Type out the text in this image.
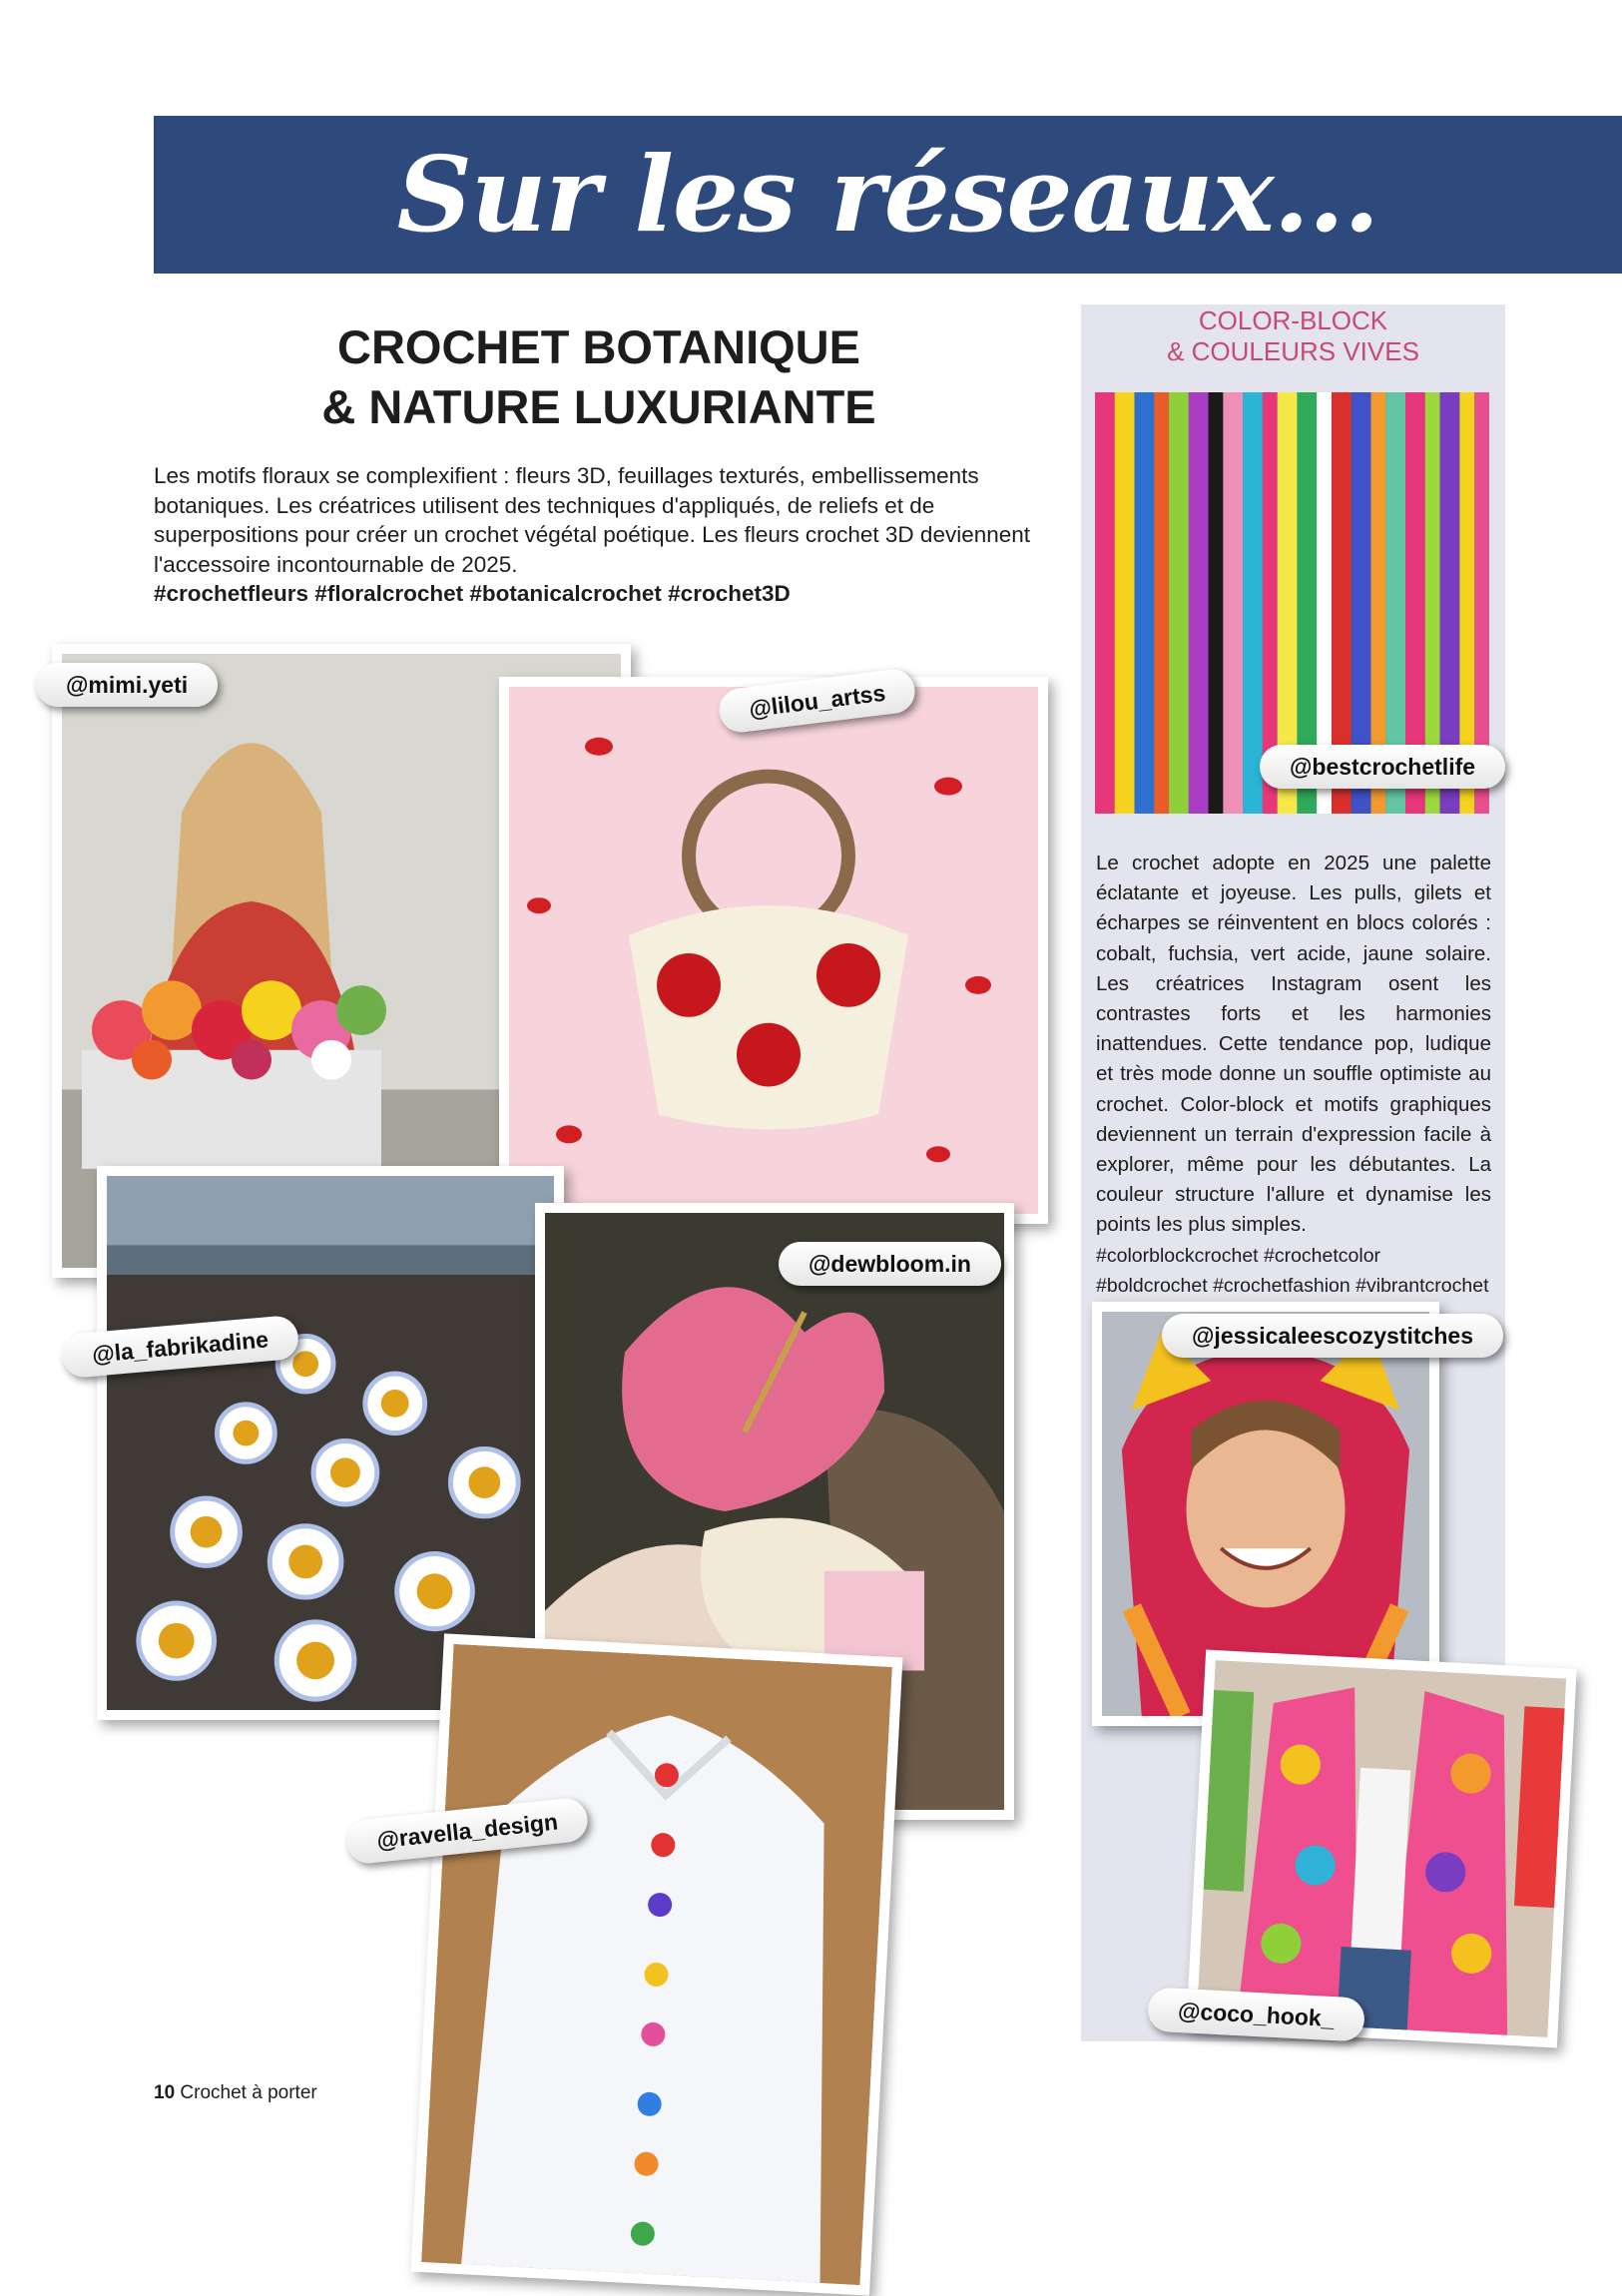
Sur les réseaux...
CROCHET BOTANIQUE
& NATURE LUXURIANTE
Les motifs floraux se complexifient : fleurs 3D, feuillages texturés, embellissements botaniques. Les créatrices utilisent des techniques d'appliqués, de reliefs et de superpositions pour créer un crochet végétal poétique. Les fleurs crochet 3D deviennent l'accessoire incontournable de 2025.
#crochetfleurs #floralcrochet #botanicalcrochet #crochet3D
COLOR-BLOCK
& COULEURS VIVES
@bestcrochetlife
Le crochet adopte en 2025 une palette éclatante et joyeuse. Les pulls, gilets et écharpes se réinventent en blocs colorés : cobalt, fuchsia, vert acide, jaune solaire. Les créatrices Instagram osent les contrastes forts et les harmonies inattendues. Cette tendance pop, ludique et très mode donne un souffle optimiste au crochet. Color-block et motifs graphiques deviennent un terrain d'expression facile à explorer, même pour les débutantes. La couleur structure l'allure et dynamise les points les plus simples.
#colorblockcrochet #crochetcolor #boldcrochet #crochetfashion #vibrantcrochet
@mimi.yeti	@lilou_artss
@la_fabrikadine
@dewbloom.in
@ravella_design
@jessicaleescozystitches
@coco_hook_
10 Crochet à porter
